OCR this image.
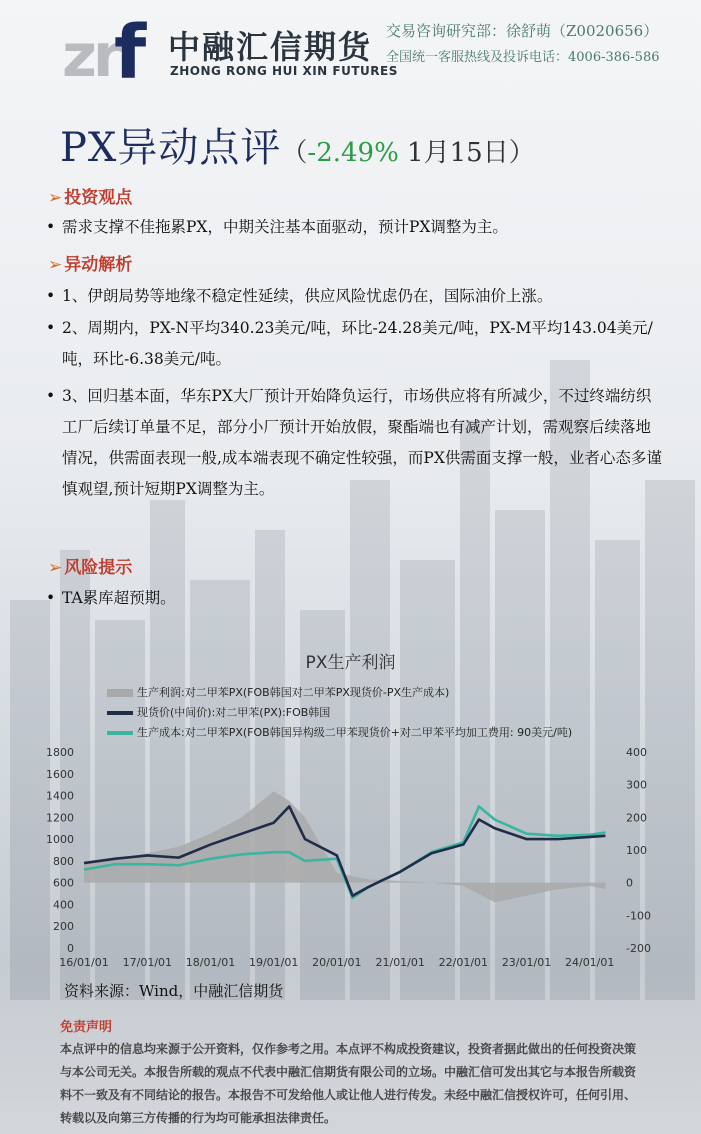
zr
f 中融汇信期货
ZHONG RONG HUI XIN FUTURES
交易咨询研究部：徐舒萌（Z0020656）
全国统一客服热线及投诉电话：4006-386-586
PX异动点评（-2.49% 1月15日）
➢ 投资观点
• 需求支撑不佳拖累PX，中期关注基本面驱动，预计PX调整为主。
➢ 异动解析
• 1、伊朗局势等地缘不稳定性延续，供应风险忧虑仍在，国际油价上涨。
• 2、周期内，PX-N平均340.23美元/吨，环比-24.28美元/吨，PX-M平均143.04美元/吨，环比-6.38美元/吨。
• 3、回归基本面，华东PX大厂预计开始降负运行，市场供应将有所减少，不过终端纺织工厂后续订单量不足，部分小厂预计开始放假，聚酯端也有减产计划，需观察后续落地情况，供需面表现一般,成本端表现不确定性较强，而PX供需面支撑一般，业者心态多谨慎观望,预计短期PX调整为主。
➢ 风险提示
• TA累库超预期。
PX生产利润
生产利润:对二甲苯PX(FOB韩国对二甲苯PX现货价-PX生产成本)
现货价(中间价):对二甲苯(PX):FOB韩国
生产成本:对二甲苯PX(FOB韩国异构级二甲苯现货价+对二甲苯平均加工费用: 90美元/吨)
0
200
400
600
800
1000
1200
1400
1600
1800
-200
-100
0
100
200
300
400
16/01/01 17/01/01 18/01/01 19/01/01 20/01/01 21/01/01 22/01/01 23/01/01 24/01/01
资料来源：Wind，中融汇信期货
免责声明
本点评中的信息均来源于公开资料，仅作参考之用。本点评不构成投资建议，投资者据此做出的任何投资决策与本公司无关。本报告所载的观点不代表中融汇信期货有限公司的立场。中融汇信可发出其它与本报告所载资料不一致及有不同结论的报告。本报告不可发给他人或让他人进行传发。未经中融汇信授权许可，任何引用、转载以及向第三方传播的行为均可能承担法律责任。
